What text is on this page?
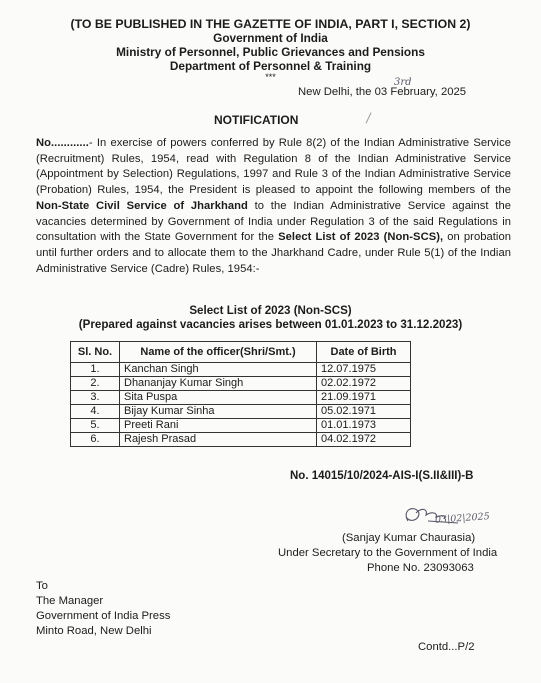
(TO BE PUBLISHED IN THE GAZETTE OF INDIA, PART I, SECTION 2)
Government of India
Ministry of Personnel, Public Grievances and Pensions
Department of Personnel & Training
***
New Delhi, the 03
3rd
February, 2025
NOTIFICATION

No............- In exercise of powers conferred by Rule 8(2) of the Indian Administrative Service (Recruitment) Rules, 1954, read with Regulation 8 of the Indian Administrative Service (Appointment by Selection) Regulations, 1997 and Rule 3 of the Indian Administrative Service (Probation) Rules, 1954, the President is pleased to appoint the following members of the Non-State Civil Service of Jharkhand to the Indian Administrative Service against the vacancies determined by Government of India under Regulation 3 of the said Regulations in consultation with the State Government for the Select List of 2023 (Non-SCS), on probation until further orders and to allocate them to the Jharkhand Cadre, under Rule 5(1) of the Indian Administrative Service (Cadre) Rules, 1954:-

Select List of 2023 (Non-SCS)
(Prepared against vacancies arises between 01.01.2023 to 31.12.2023)
Sl. No.	Name of the officer(Shri/Smt.)	Date of Birth
1.	Kanchan Singh	12.07.1975
2.	Dhananjay Kumar Singh	02.02.1972
3.	Sita Puspa	21.09.1971
4.	Bijay Kumar Sinha	05.02.1971
5.	Preeti Rani	01.01.1973
6.	Rajesh Prasad	04.02.1972
No. 14015/10/2024-AIS-I(S.II&III)-B
03|02|2025
(Sanjay Kumar Chaurasia)
Under Secretary to the Government of India
Phone No. 23093063
To
The Manager
Government of India Press
Minto Road, New Delhi
Contd...P/2
